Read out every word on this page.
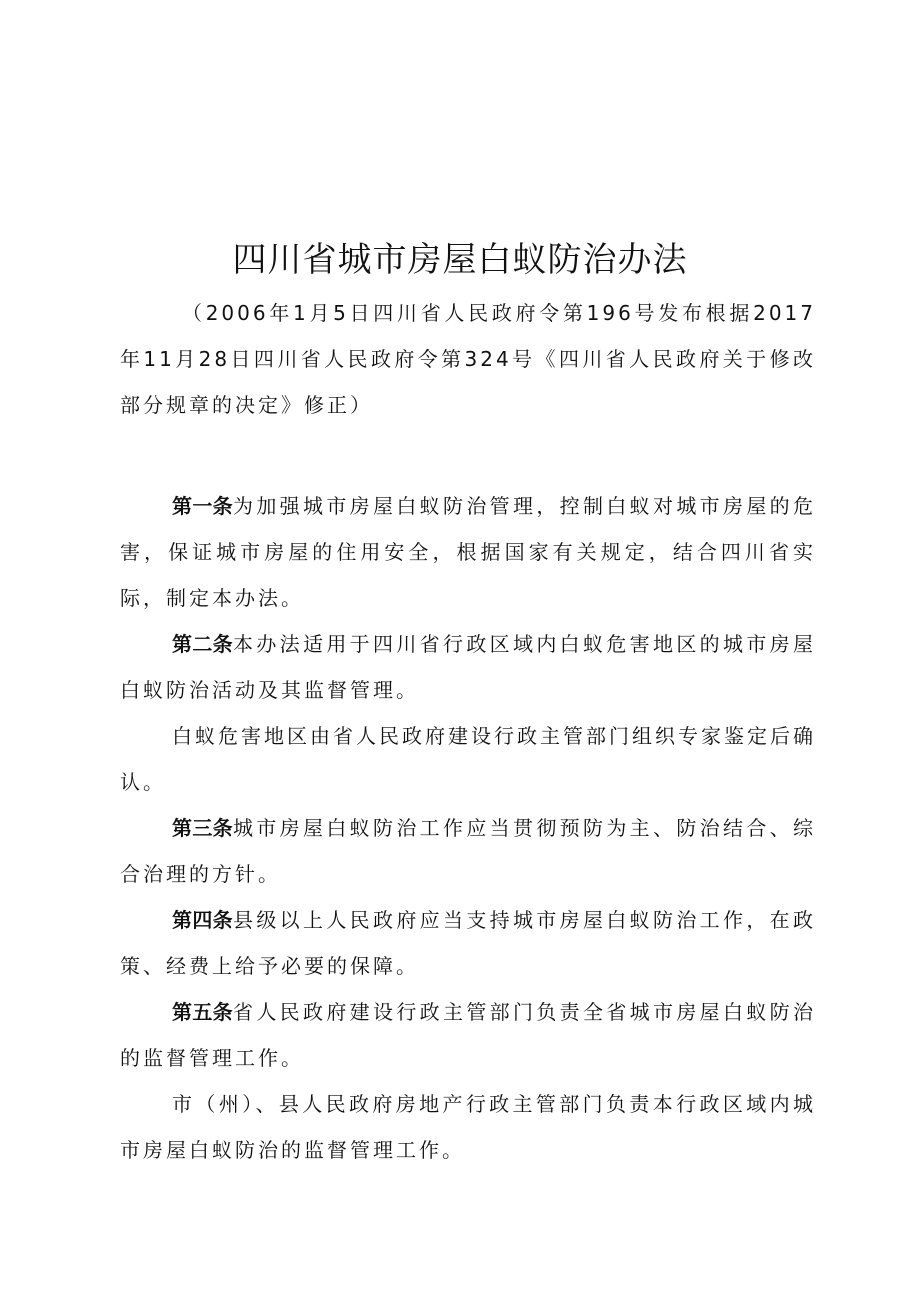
四川省城市房屋白蚁防治办法

（2006年1月5日四川省人民政府令第196号发布根据2017年11月28日四川省人民政府令第324号《四川省人民政府关于修改部分规章的决定》修正）

第一条为加强城市房屋白蚁防治管理，控制白蚁对城市房屋的危害，保证城市房屋的住用安全，根据国家有关规定，结合四川省实际，制定本办法。

第二条本办法适用于四川省行政区域内白蚁危害地区的城市房屋白蚁防治活动及其监督管理。

白蚁危害地区由省人民政府建设行政主管部门组织专家鉴定后确认。

第三条城市房屋白蚁防治工作应当贯彻预防为主、防治结合、综合治理的方针。

第四条县级以上人民政府应当支持城市房屋白蚁防治工作，在政策、经费上给予必要的保障。

第五条省人民政府建设行政主管部门负责全省城市房屋白蚁防治的监督管理工作。

市（州）、县人民政府房地产行政主管部门负责本行政区域内城市房屋白蚁防治的监督管理工作。
